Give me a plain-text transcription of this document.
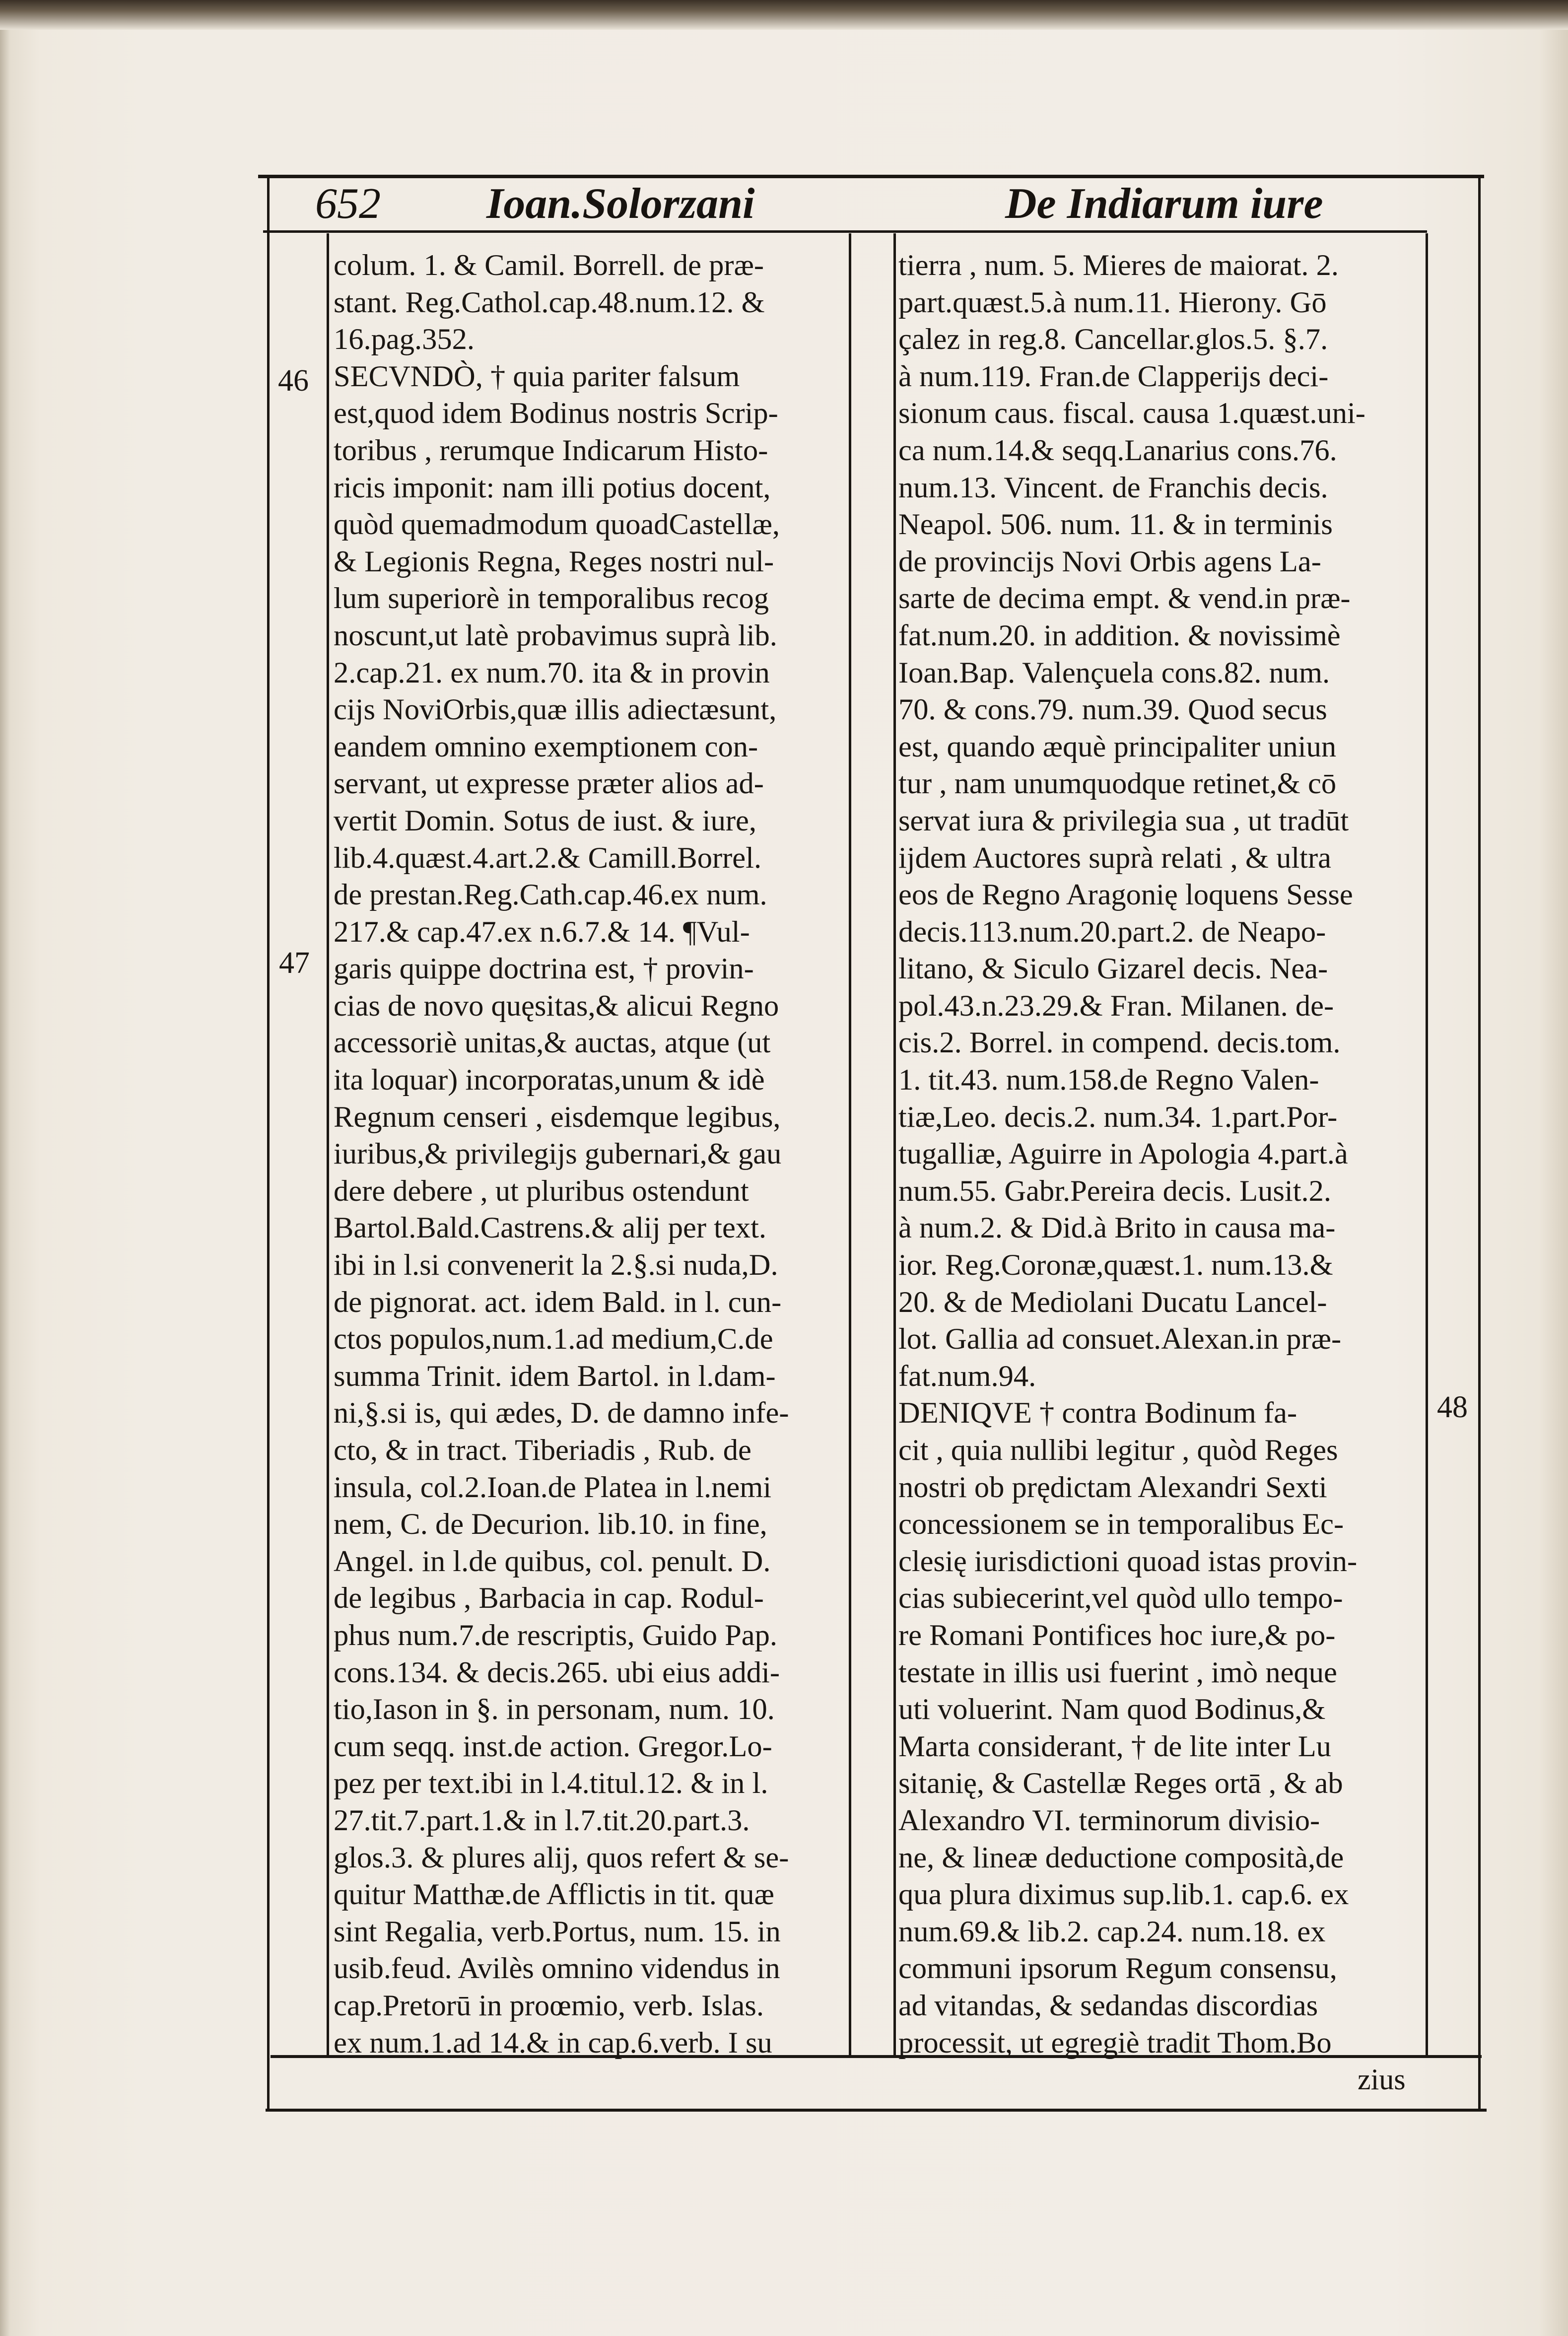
652 Ioan.Solorzani	De Indiarum iure
colum. 1. & Camil. Borrell. de præ-
stant. Reg.Cathol.cap.48.num.12. &
16.pag.352.
SECVNDÒ, † quia pariter falsum
est,quod idem Bodinus nostris Scrip-
toribus , rerumque Indicarum Histo-
ricis imponit: nam illi potius docent,
quòd quemadmodum quoadCastellæ,
& Legionis Regna, Reges nostri nul-
lum superiorè in temporalibus recog
noscunt,ut latè probavimus suprà lib.
2.cap.21. ex num.70. ita & in provin
cijs NoviOrbis,quæ illis adiectæsunt,
eandem omnino exemptionem con-
servant, ut expresse præter alios ad-
vertit Domin. Sotus de iust. & iure,
lib.4.quæst.4.art.2.& Camill.Borrel.
de prestan.Reg.Cath.cap.46.ex num.
217.& cap.47.ex n.6.7.& 14. ¶Vul-
garis quippe doctrina est, † provin-
cias de novo quęsitas,& alicui Regno
accessoriè unitas,& auctas, atque (ut
ita loquar) incorporatas,unum & idè
Regnum censeri , eisdemque legibus,
iuribus,& privilegijs gubernari,& gau
dere debere , ut pluribus ostendunt
Bartol.Bald.Castrens.& alij per text.
ibi in l.si convenerit la 2.§.si nuda,D.
de pignorat. act. idem Bald. in l. cun-
ctos populos,num.1.ad medium,C.de
summa Trinit. idem Bartol. in l.dam-
ni,§.si is, qui ædes, D. de damno infe-
cto, & in tract. Tiberiadis , Rub. de
insula, col.2.Ioan.de Platea in l.nemi
nem, C. de Decurion. lib.10. in fine,
Angel. in l.de quibus, col. penult. D.
de legibus , Barbacia in cap. Rodul-
phus num.7.de rescriptis, Guido Pap.
cons.134. & decis.265. ubi eius addi-
tio,Iason in §. in personam, num. 10.
cum seqq. inst.de action. Gregor.Lo-
pez per text.ibi in l.4.titul.12. & in l.
27.tit.7.part.1.& in l.7.tit.20.part.3.
glos.3. & plures alij, quos refert & se-
quitur Matthæ.de Afflictis in tit. quæ
sint Regalia, verb.Portus, num. 15. in
usib.feud. Avilès omnino videndus in
cap.Pretorū in proœmio, verb. Islas.
ex num.1.ad 14.& in cap.6.verb. I su
tierra , num. 5. Mieres de maiorat. 2.
part.quæst.5.à num.11. Hierony. Gō
çalez in reg.8. Cancellar.glos.5. §.7.
à num.119. Fran.de Clapperijs deci-
sionum caus. fiscal. causa 1.quæst.uni-
ca num.14.& seqq.Lanarius cons.76.
num.13. Vincent. de Franchis decis.
Neapol. 506. num. 11. & in terminis
de provincijs Novi Orbis agens La-
sarte de decima empt. & vend.in præ-
fat.num.20. in addition. & novissimè
Ioan.Bap. Valençuela cons.82. num.
70. & cons.79. num.39. Quod secus
est, quando æquè principaliter uniun
tur , nam unumquodque retinet,& cō
servat iura & privilegia sua , ut tradūt
ijdem Auctores suprà relati , & ultra
eos de Regno Aragonię loquens Sesse
decis.113.num.20.part.2. de Neapo-
litano, & Siculo Gizarel decis. Nea-
pol.43.n.23.29.& Fran. Milanen. de-
cis.2. Borrel. in compend. decis.tom.
1. tit.43. num.158.de Regno Valen-
tiæ,Leo. decis.2. num.34. 1.part.Por-
tugalliæ, Aguirre in Apologia 4.part.à
num.55. Gabr.Pereira decis. Lusit.2.
à num.2. & Did.à Brito in causa ma-
ior. Reg.Coronæ,quæst.1. num.13.&
20. & de Mediolani Ducatu Lancel-
lot. Gallia ad consuet.Alexan.in præ-
fat.num.94.
DENIQVE † contra Bodinum fa-
cit , quia nullibi legitur , quòd Reges
nostri ob prędictam Alexandri Sexti
concessionem se in temporalibus Ec-
clesię iurisdictioni quoad istas provin-
cias subiecerint,vel quòd ullo tempo-
re Romani Pontifices hoc iure,& po-
testate in illis usi fuerint , imò neque
uti voluerint. Nam quod Bodinus,&
Marta considerant, † de lite inter Lu
sitanię, & Castellæ Reges ortā , & ab
Alexandro VI. terminorum divisio-
ne, & lineæ deductione composità,de
qua plura diximus sup.lib.1. cap.6. ex
num.69.& lib.2. cap.24. num.18. ex
communi ipsorum Regum consensu,
ad vitandas, & sedandas discordias
processit, ut egregiè tradit Thom.Bo
46
47
48
zius
